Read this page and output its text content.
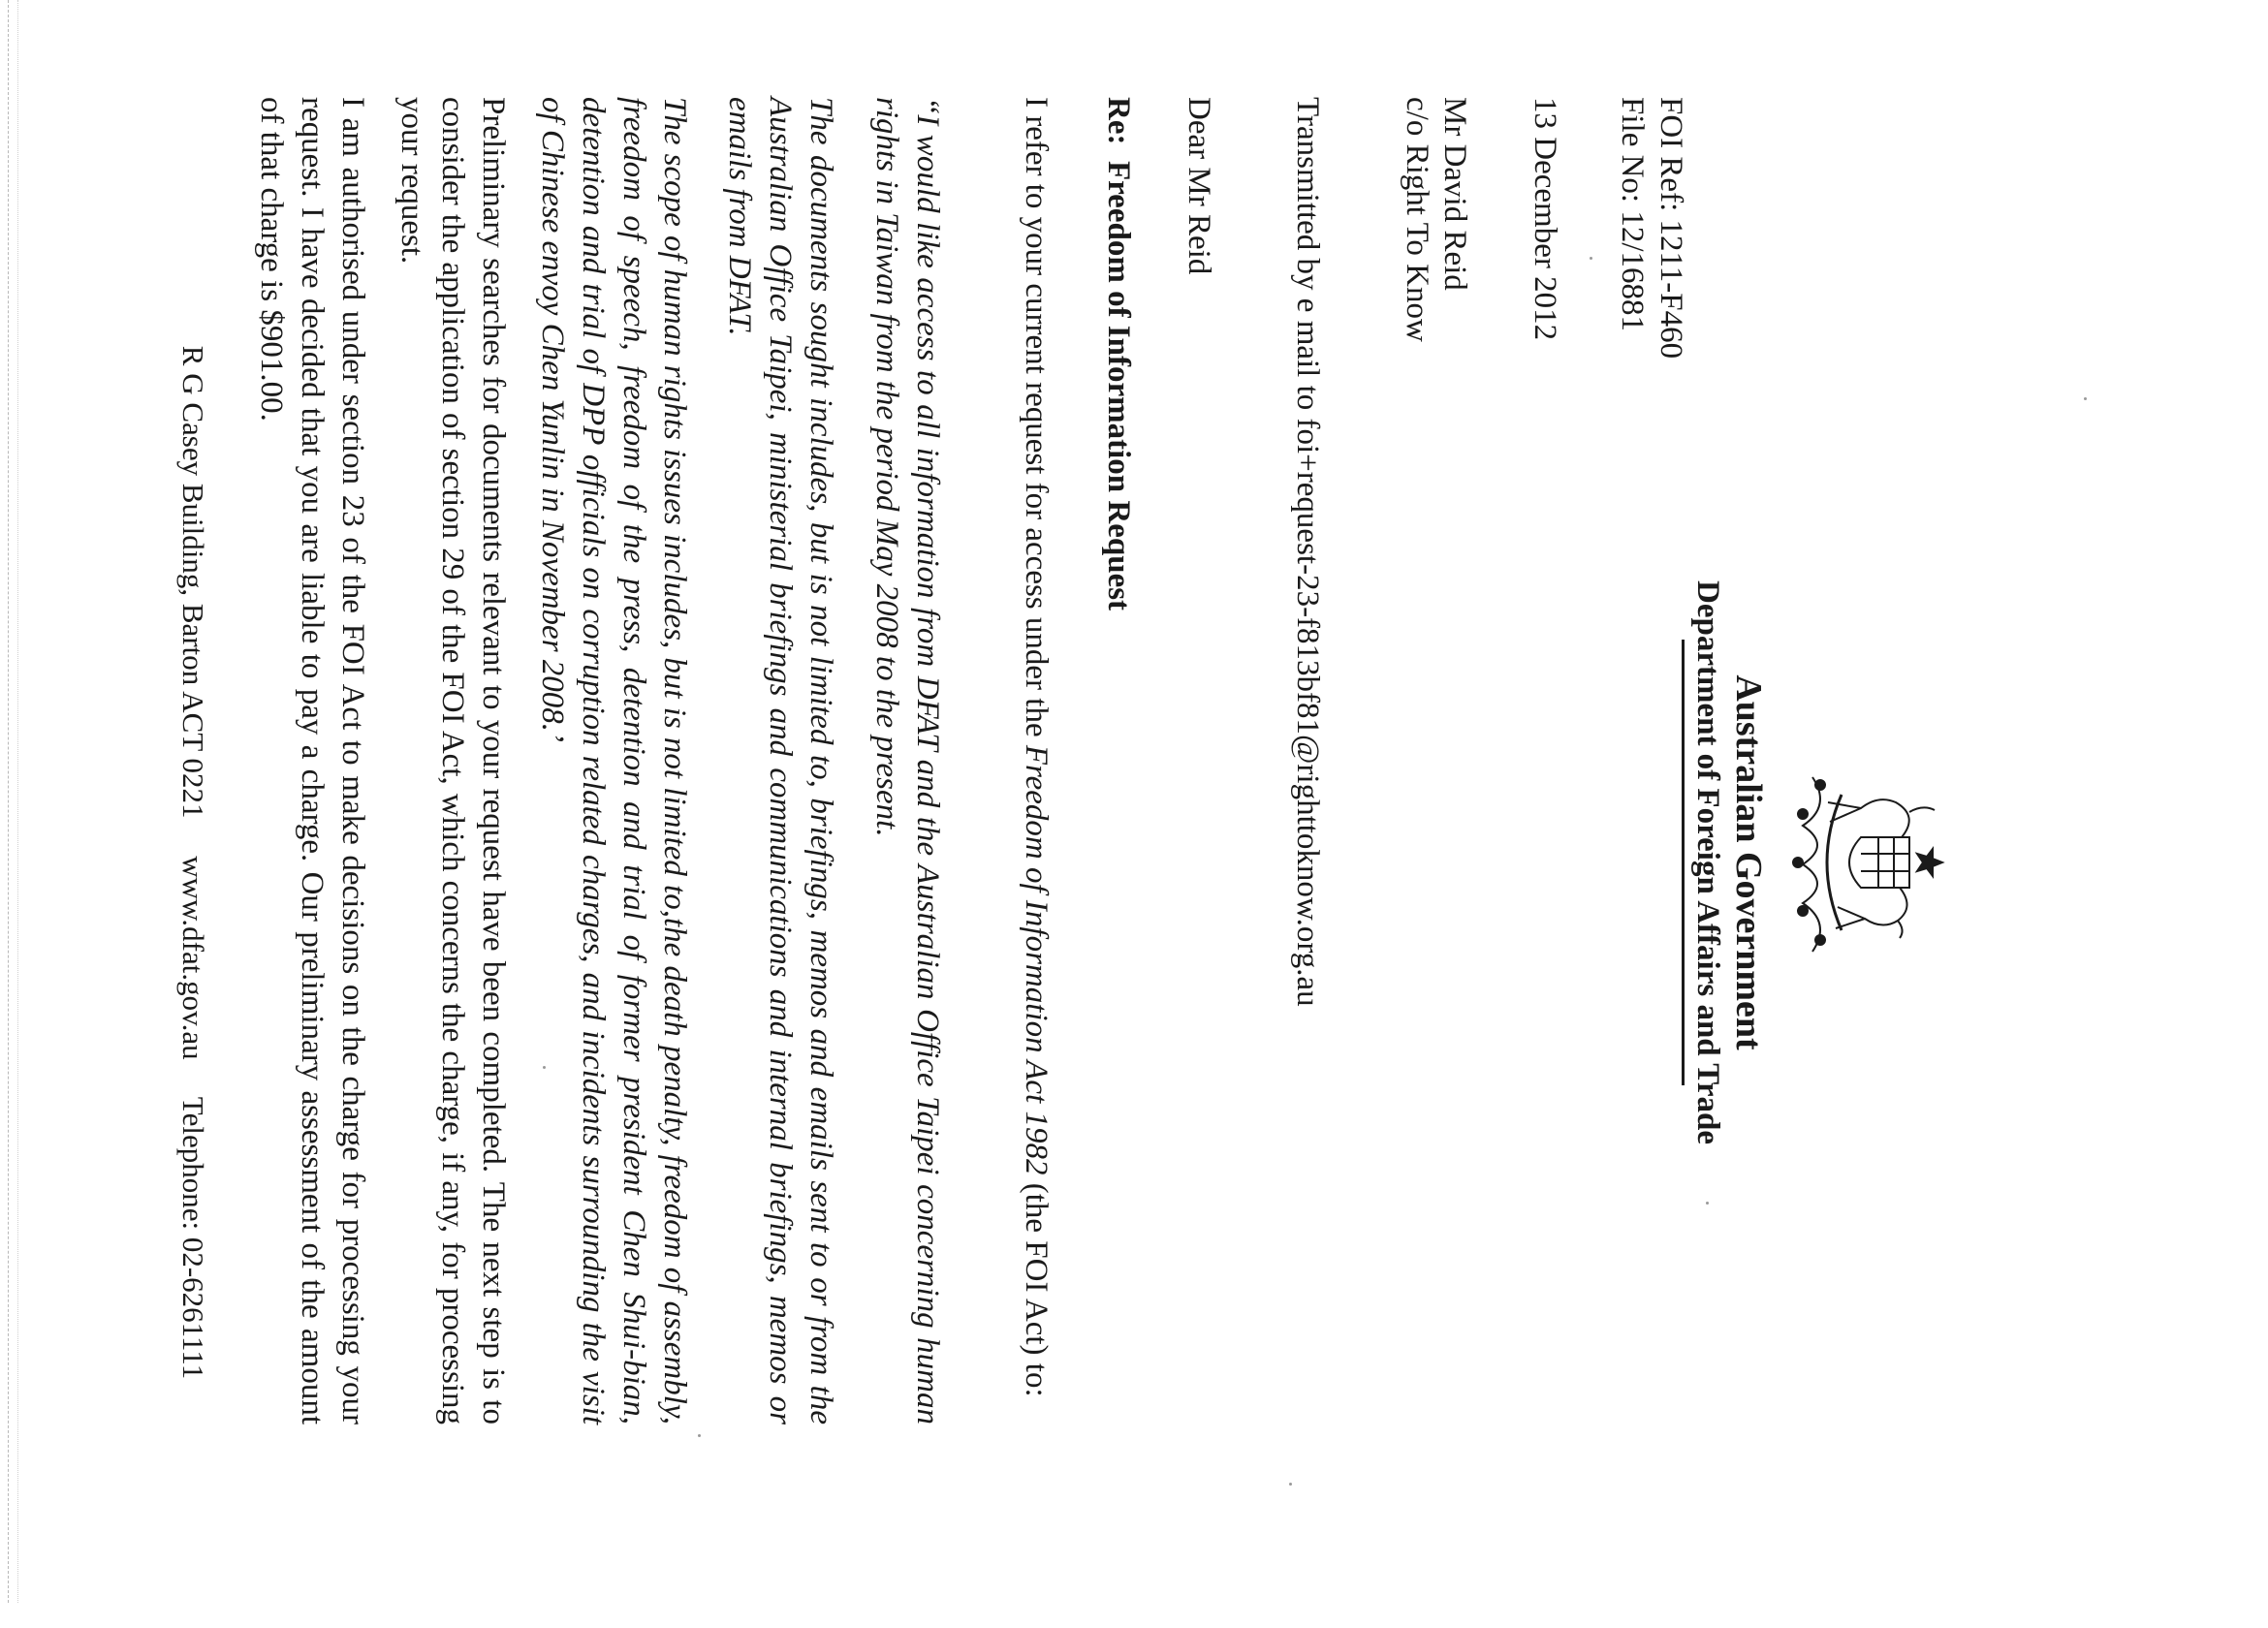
Australian Government
Department of Foreign Affairs and Trade
FOI Ref: 1211-F460
File No: 12/16881
13 December 2012
Mr David Reid
c/o Right To Know
Transmitted by e mail to foi+request-23-f813bf81@righttoknow.org.au
Dear Mr Reid
Re:  Freedom of Information Request
I refer to your current request for access under the Freedom of Information Act 1982 (the FOI Act) to:
“I would like access to all information from DFAT and the Australian Office Taipei concerning human rights in Taiwan from the period May 2008 to the present.
The documents sought includes, but is not limited to, briefings, memos and emails sent to or from the Australian Office Taipei, ministerial briefings and communications and internal briefings, memos or emails from DFAT.
The scope of human rights issues includes, but is not limited to,the death penalty, freedom of assembly, freedom of speech, freedom of the press, detention and trial of former president Chen Shui-bian, detention and trial of DPP officials on corruption related charges, and incidents surrounding the visit of Chinese envoy Chen Yunlin in November 2008.’
Preliminary searches for documents relevant to your request have been completed. The next step is to consider the application of section 29 of the FOI Act, which concerns the charge, if any, for processing your request.
I am authorised under section 23 of the FOI Act to make decisions on the charge for processing your request. I have decided that you are liable to pay a charge. Our preliminary assessment of the amount of that charge is $901.00.
R G Casey Building, Barton ACT 0221     www.dfat.gov.au     Telephone: 02-6261111
